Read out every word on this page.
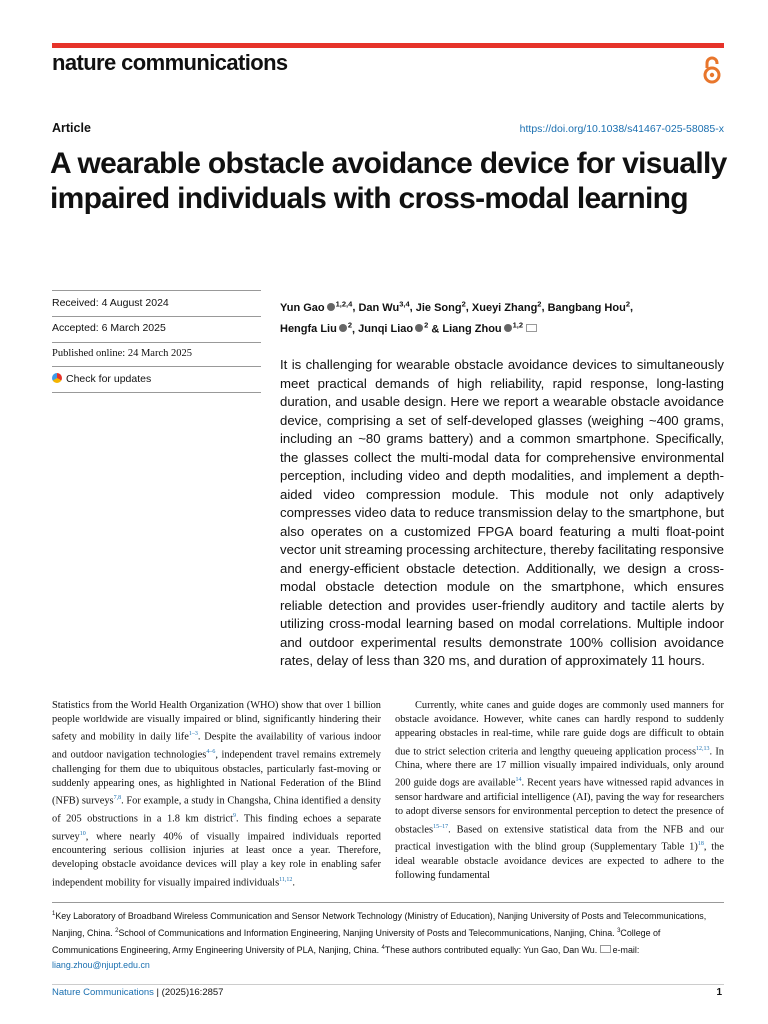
nature communications
Article	https://doi.org/10.1038/s41467-025-58085-x
A wearable obstacle avoidance device for visually impaired individuals with cross-modal learning
Received: 4 August 2024
Accepted: 6 March 2025
Published online: 24 March 2025
Check for updates
Yun Gao $^{1,2,4}$, Dan Wu$^{3,4}$, Jie Song$^2$, Xueyi Zhang$^2$, Bangbang Hou$^2$,
Hengfa Liu $^2$, Junqi Liao $^2$ & Liang Zhou $^{1,2}$
It is challenging for wearable obstacle avoidance devices to simultaneously meet practical demands of high reliability, rapid response, long-lasting duration, and usable design. Here we report a wearable obstacle avoidance device, comprising a set of self-developed glasses (weighing ~400 grams, including an ~80 grams battery) and a common smartphone. Specifically, the glasses collect the multi-modal data for comprehensive environmental perception, including video and depth modalities, and implement a depth-aided video compression module. This module not only adaptively compresses video data to reduce transmission delay to the smartphone, but also operates on a customized FPGA board featuring a multi float-point vector unit streaming processing architecture, thereby facilitating responsive and energy-efficient obstacle detection. Additionally, we design a cross-modal obstacle detection module on the smartphone, which ensures reliable detection and provides user-friendly auditory and tactile alerts by utilizing cross-modal learning based on modal correlations. Multiple indoor and outdoor experimental results demonstrate 100% collision avoidance rates, delay of less than 320 ms, and duration of approximately 11 hours.

Statistics from the World Health Organization (WHO) show that over 1 billion people worldwide are visually impaired or blind, significantly hindering their safety and mobility in daily life$^{1-3}$. Despite the availability of various indoor and outdoor navigation technologies$^{4-6}$, independent travel remains extremely challenging for them due to ubiquitous obstacles, particularly fast-moving or suddenly appearing ones, as highlighted in National Federation of the Blind (NFB) surveys$^{7,8}$. For example, a study in Changsha, China identified a density of 205 obstructions in a 1.8 km district$^9$. This finding echoes a separate survey$^{10}$, where nearly 40% of visually impaired individuals reported encountering serious collision injuries at least once a year. Therefore, developing obstacle avoidance devices will play a key role in enabling safer independent mobility for visually impaired individuals$^{11,12}$.

Currently, white canes and guide doges are commonly used manners for obstacle avoidance. However, white canes can hardly respond to suddenly appearing obstacles in real-time, while rare guide dogs are difficult to obtain due to strict selection criteria and lengthy queueing application process$^{12,13}$. In China, where there are 17 million visually impaired individuals, only around 200 guide dogs are available$^{14}$. Recent years have witnessed rapid advances in sensor hardware and artificial intelligence (AI), paving the way for researchers to adopt diverse sensors for environmental perception to detect the presence of obstacles$^{15-17}$. Based on extensive statistical data from the NFB and our practical investigation with the blind group (Supplementary Table 1)$^{18}$, the ideal wearable obstacle avoidance devices are expected to adhere to the following fundamental

$^1$Key Laboratory of Broadband Wireless Communication and Sensor Network Technology (Ministry of Education), Nanjing University of Posts and Telecommunications, Nanjing, China. $^2$School of Communications and Information Engineering, Nanjing University of Posts and Telecommunications, Nanjing, China. $^3$College of Communications Engineering, Army Engineering University of PLA, Nanjing, China. $^4$These authors contributed equally: Yun Gao, Dan Wu. e-mail: liang.zhou@njupt.edu.cn
Nature Communications | (2025)16:2857	1
